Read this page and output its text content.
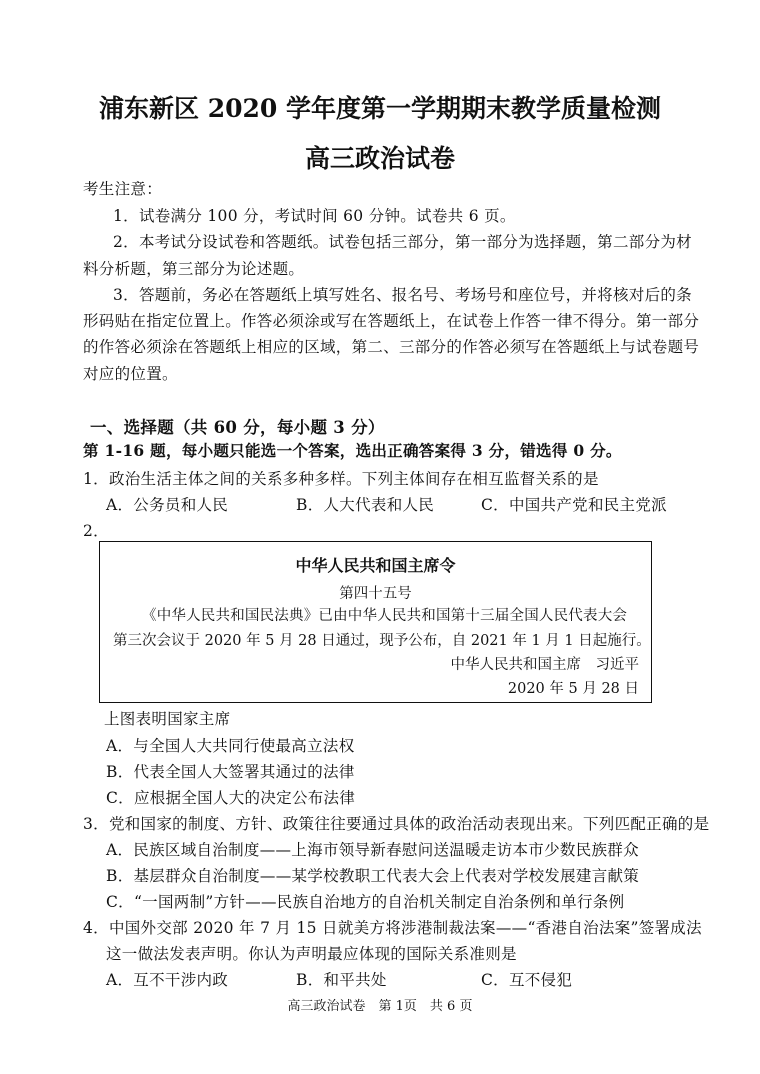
浦东新区 2020 学年度第一学期期末教学质量检测
高三政治试卷
考生注意：
1．试卷满分 100 分，考试时间 60 分钟。试卷共 6 页。
2．本考试分设试卷和答题纸。试卷包括三部分，第一部分为选择题，第二部分为材
料分析题，第三部分为论述题。
3．答题前，务必在答题纸上填写姓名、报名号、考场号和座位号，并将核对后的条
形码贴在指定位置上。作答必须涂或写在答题纸上，在试卷上作答一律不得分。第一部分
的作答必须涂在答题纸上相应的区域，第二、三部分的作答必须写在答题纸上与试卷题号
对应的位置。
一、选择题（共 60 分，每小题 3 分）
第 1-16 题，每小题只能选一个答案，选出正确答案得 3 分，错选得 0 分。
1．政治生活主体之间的关系多种多样。下列主体间存在相互监督关系的是
A．公务员和人民	B．人大代表和人民	C．中国共产党和民主党派
2．
中华人民共和国主席令
第四十五号
《中华人民共和国民法典》已由中华人民共和国第十三届全国人民代表大会
第三次会议于 2020 年 5 月 28 日通过，现予公布，自 2021 年 1 月 1 日起施行。
中华人民共和国主席　习近平
2020 年 5 月 28 日
上图表明国家主席
A．与全国人大共同行使最高立法权
B．代表全国人大签署其通过的法律
C．应根据全国人大的决定公布法律
3．党和国家的制度、方针、政策往往要通过具体的政治活动表现出来。下列匹配正确的是
A．民族区域自治制度——上海市领导新春慰问送温暖走访本市少数民族群众
B．基层群众自治制度——某学校教职工代表大会上代表对学校发展建言献策
C．“一国两制”方针——民族自治地方的自治机关制定自治条例和单行条例
4．中国外交部 2020 年 7 月 15 日就美方将涉港制裁法案——“香港自治法案”签署成法
这一做法发表声明。你认为声明最应体现的国际关系准则是
A．互不干涉内政	B．和平共处	C．互不侵犯
高三政治试卷　第 1页　共 6 页
